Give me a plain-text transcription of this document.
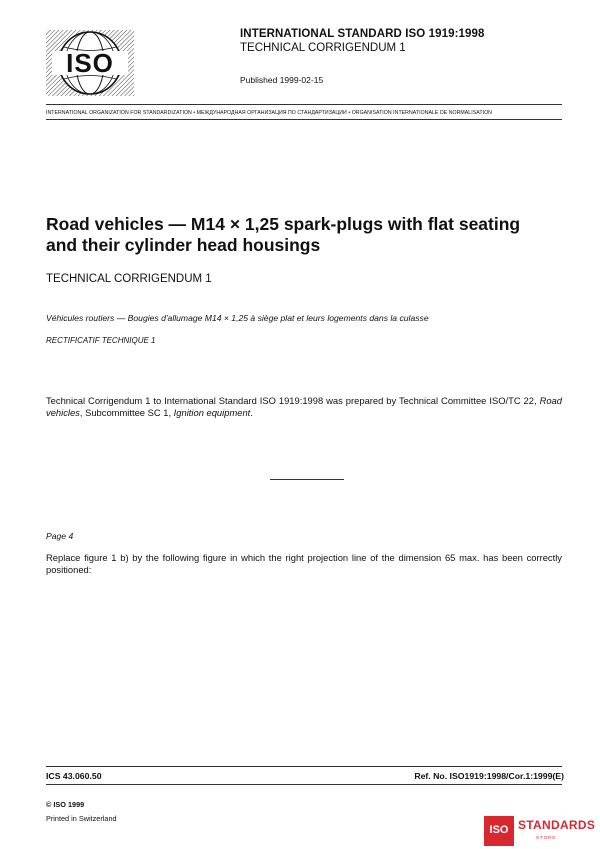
ISO
INTERNATIONAL STANDARD ISO 1919:1998
TECHNICAL CORRIGENDUM 1
Published 1999-02-15
INTERNATIONAL ORGANIZATION FOR STANDARDIZATION • МЕЖДУНАРОДНАЯ ОРГАНИЗАЦИЯ ПО СТАНДАРТИЗАЦИИ • ORGANISATION INTERNATIONALE DE NORMALISATION
Road vehicles — M14 × 1,25 spark-plugs with flat seating and their cylinder head housings
TECHNICAL CORRIGENDUM 1
Véhicules routiers — Bougies d'allumage M14 × 1,25 à siège plat et leurs logements dans la culasse
RECTIFICATIF TECHNIQUE 1
Technical Corrigendum 1 to International Standard ISO 1919:1998 was prepared by Technical Committee ISO/TC 22, Road vehicles, Subcommittee SC 1, Ignition equipment.
Page 4
Replace figure 1 b) by the following figure in which the right projection line of the dimension 65 max. has been correctly positioned:
ICS 43.060.50	Ref. No. ISO1919:1998/Cor.1:1999(E)
© ISO 1999
Printed in Switzerland
ISO STANDARDS
STORE
